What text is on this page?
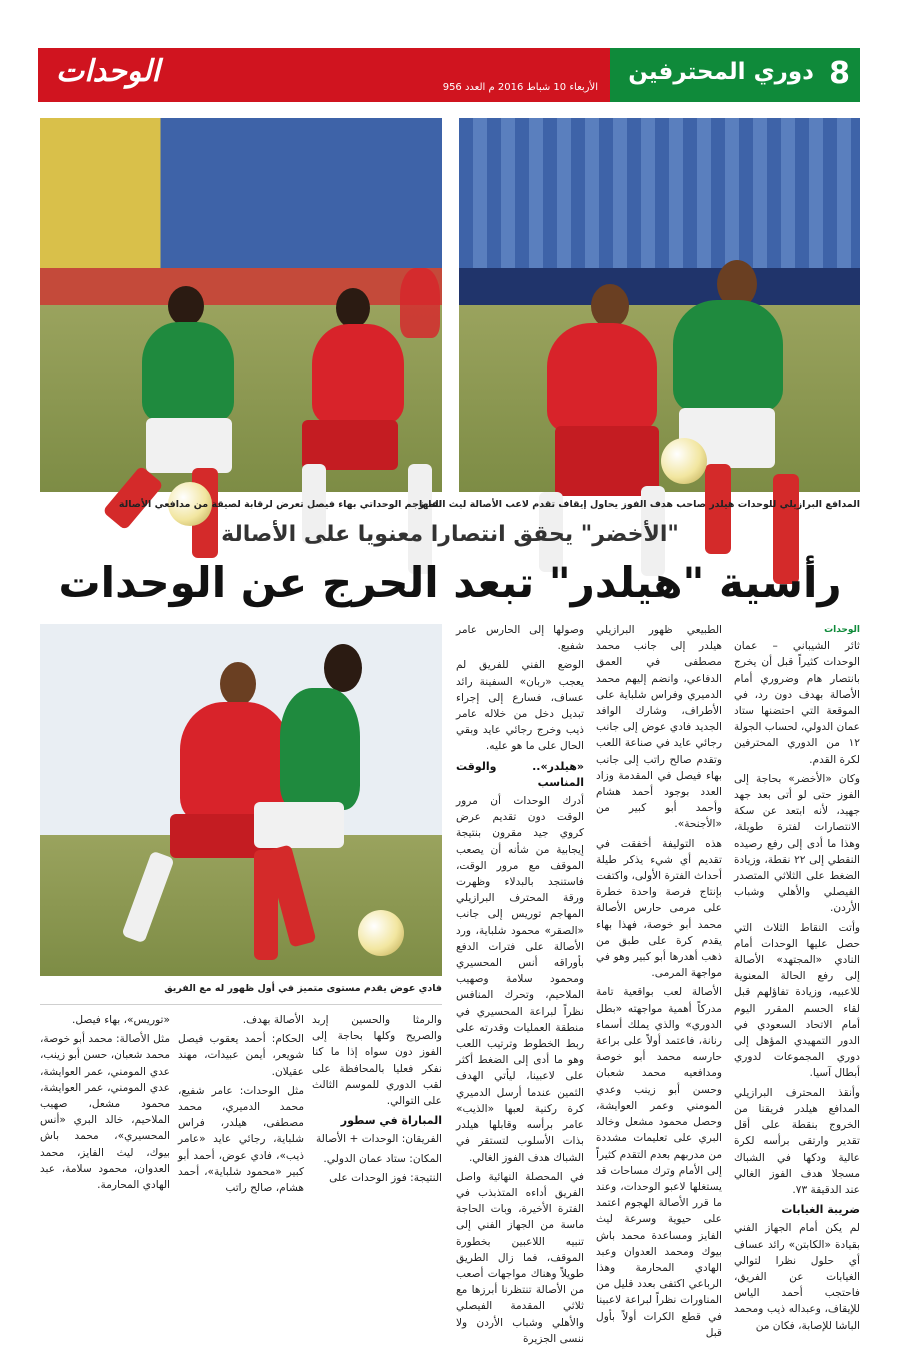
الوحدات	الأربعاء 10 شباط 2016 م العدد 956
دوري المحترفين 8
المدافع البرازيلي للوحدات هيلدر صاحب هدف الفوز يحاول إيقاف تقدم لاعب الأصالة ليث الفايز
المهاجم الوحداتي بهاء فيصل تعرض لرقابة لصيقة من مدافعي الأصالة
"الأخضر" يحقق انتصارا معنويا على الأصالة
رأسية "هيلدر" تبعد الحرج عن الوحدات
فادي عوض يقدم مستوى متميز في أول ظهور له مع الفريق
الوحدات

ثائر الشيباني – عمان الوحدات كثيراً قبل أن يخرج بانتصار هام وضروري أمام الأصالة بهدف دون رد، في الموقعة التي احتضنها ستاد عمان الدولي، لحساب الجولة ١٢ من الدوري المحترفين لكرة القدم.

وكان «الأخضر» بحاجة إلى الفوز حتى لو أتى بعد جهد جهيد، لأنه ابتعد عن سكة الانتصارات لفترة طويلة، وهذا ما أدى إلى رفع رصيده النقطي إلى ٢٢ نقطة، وزيادة الضغط على الثلاثي المتصدر الفيصلي والأهلي وشباب الأردن.

وأتت النقاط الثلاث التي حصل عليها الوحدات أمام النادي «المجتهد» الأصالة إلى رفع الحالة المعنوية للاعبيه، وزيادة تفاؤلهم قبل لقاء الحسم المقرر اليوم أمام الاتحاد السعودي في الدور التمهيدي المؤهل إلى دوري المجموعات لدوري أبطال آسيا.

وأنقذ المحترف البرازيلي المدافع هيلدر فريقنا من الخروج بنقطة على أقل تقدير وارتقى برأسه لكرة عالية ودكها في الشباك مسجلا هدف الفوز الغالي عند الدقيقة ٧٣.

ضريبة الغيابات

لم يكن أمام الجهاز الفني بقيادة «الكابتن» رائد عساف أي حلول نظرا لتوالي الغيابات عن الفريق، فاحتجب أحمد الياس للإيقاف، وعبداله ذيب ومحمد الباشا للإصابة، فكان من

الطبيعي ظهور البرازيلي هيلدر إلى جانب محمد مصطفى في العمق الدفاعي، وانضم إليهم محمد الدميري وفراس شلباية على الأطراف، وشارك الوافد الجديد فادي عوض إلى جانب رجائي عايد في صناعة اللعب وتقدم صالح راتب إلى جانب بهاء فيصل في المقدمة وزاد العدد بوجود أحمد هشام وأحمد أبو كبير من «الأجنحة».

هذه التوليفة أخفقت في تقديم أي شيء يذكر طيلة أحداث الفترة الأولى، واكتفت بإنتاج فرصة واحدة خطرة على مرمى حارس الأصالة محمد أبو خوصة، فهذا بهاء يقدم كرة على طبق من ذهب أهدرها أبو كبير وهو في مواجهة المرمى.

الأصالة لعب بواقعية تامة مدركاً أهمية مواجهته «بطل الدوري» والذي يملك أسماء رنانة، فاعتمد أولاً على براعة حارسه محمد أبو خوصة ومدافعيه محمد شعبان وحسن أبو زينب وعدي المومني وعمر العوايشة، وحصل محمود مشعل وخالد البري على تعليمات مشددة من مدربهم بعدم التقدم كثيراً إلى الأمام وترك مساحات قد يستغلها لاعبو الوحدات، وعند ما قرر الأصالة الهجوم اعتمد على حيوية وسرعة ليث الفايز ومساعدة محمد باش بيوك ومحمد العدوان وعبد الهادي المحارمة وهذا الرباعي اكتفى بعدد قليل من المناورات نظراً لبراعة لاعبينا في قطع الكرات أولاً بأول قبل

وصولها إلى الحارس عامر شفيع.

الوضع الفني للفريق لم يعجب «ربان» السفينة رائد عساف، فسارع إلى إجراء تبديل دخل من خلاله عامر ذيب وخرج رجائي عايد وبقي الحال على ما هو عليه.

«هيلدر».. والوقت المناسب

أدرك الوحدات أن مرور الوقت دون تقديم عرض كروي جيد مقرون بنتيجة إيجابية من شأنه أن يصعب الموقف مع مرور الوقت، فاستنجد بالبدلاء وظهرت ورقة المحترف البرازيلي المهاجم توريس إلى جانب «الصقر» محمود شلباية، ورد الأصالة على فترات الدفع بأوراقه أنس المحسيري ومحمود سلامة وصهيب الملاحيم، وتحرك المنافس نظراً لبراعة المحسيري في منطقة العمليات وقدرته على ربط الخطوط وترتيب اللعب وهو ما أدى إلى الضغط أكثر على لاعبينا، ليأتي الهدف الثمين عندما أرسل الدميري كرة ركنية لعبها «الذيب» عامر برأسه وقابلها هيلدر بذات الأسلوب لتستقر في الشباك هدف الفوز الغالي.

في المحصلة النهائية واصل الفريق أداءه المتذبذب في الفترة الأخيرة، وبات الحاجة ماسة من الجهاز الفني إلى تنبيه اللاعبين بخطورة الموقف، فما زال الطريق طويلاً وهناك مواجهات أصعب من الأصالة تنتظرنا أبرزها مع ثلاثي المقدمة الفيصلي والأهلي وشباب الأردن ولا ننسى الجزيرة

والرمثا والحسين إربد والصريح وكلها بحاجة إلى الفوز دون سواه إذا ما كنا نفكر فعليا بالمحافظة على لقب الدوري للموسم الثالث على التوالي.

المباراة في سطور

الفريقان: الوحدات + الأصالة

المكان: ستاد عمان الدولي.

النتيجة: فوز الوحدات على

الأصالة بهدف.

الحكام: أحمد يعقوب فيصل شويعر، أيمن عبيدات، مهند عقيلان.

مثل الوحدات: عامر شفيع، محمد الدميري، محمد مصطفى، هيلدر، فراس شلباية، رجائي عايد «عامر ذيب»، فادي عوض، أحمد أبو كبير «محمود شلباية»، أحمد هشام، صالح راتب

«توريس»، بهاء فيصل.

مثل الأصالة: محمد أبو خوصة، محمد شعبان، حسن أبو زينب، عدي المومني، عمر العوايشة، عدي المومني، عمر العوايشة، محمود مشعل، صهيب الملاحيم، خالد البري «أنس المحسيري»، محمد باش بيوك، ليث الفايز، محمد العدوان، محمود سلامة، عبد الهادي المحارمة.
